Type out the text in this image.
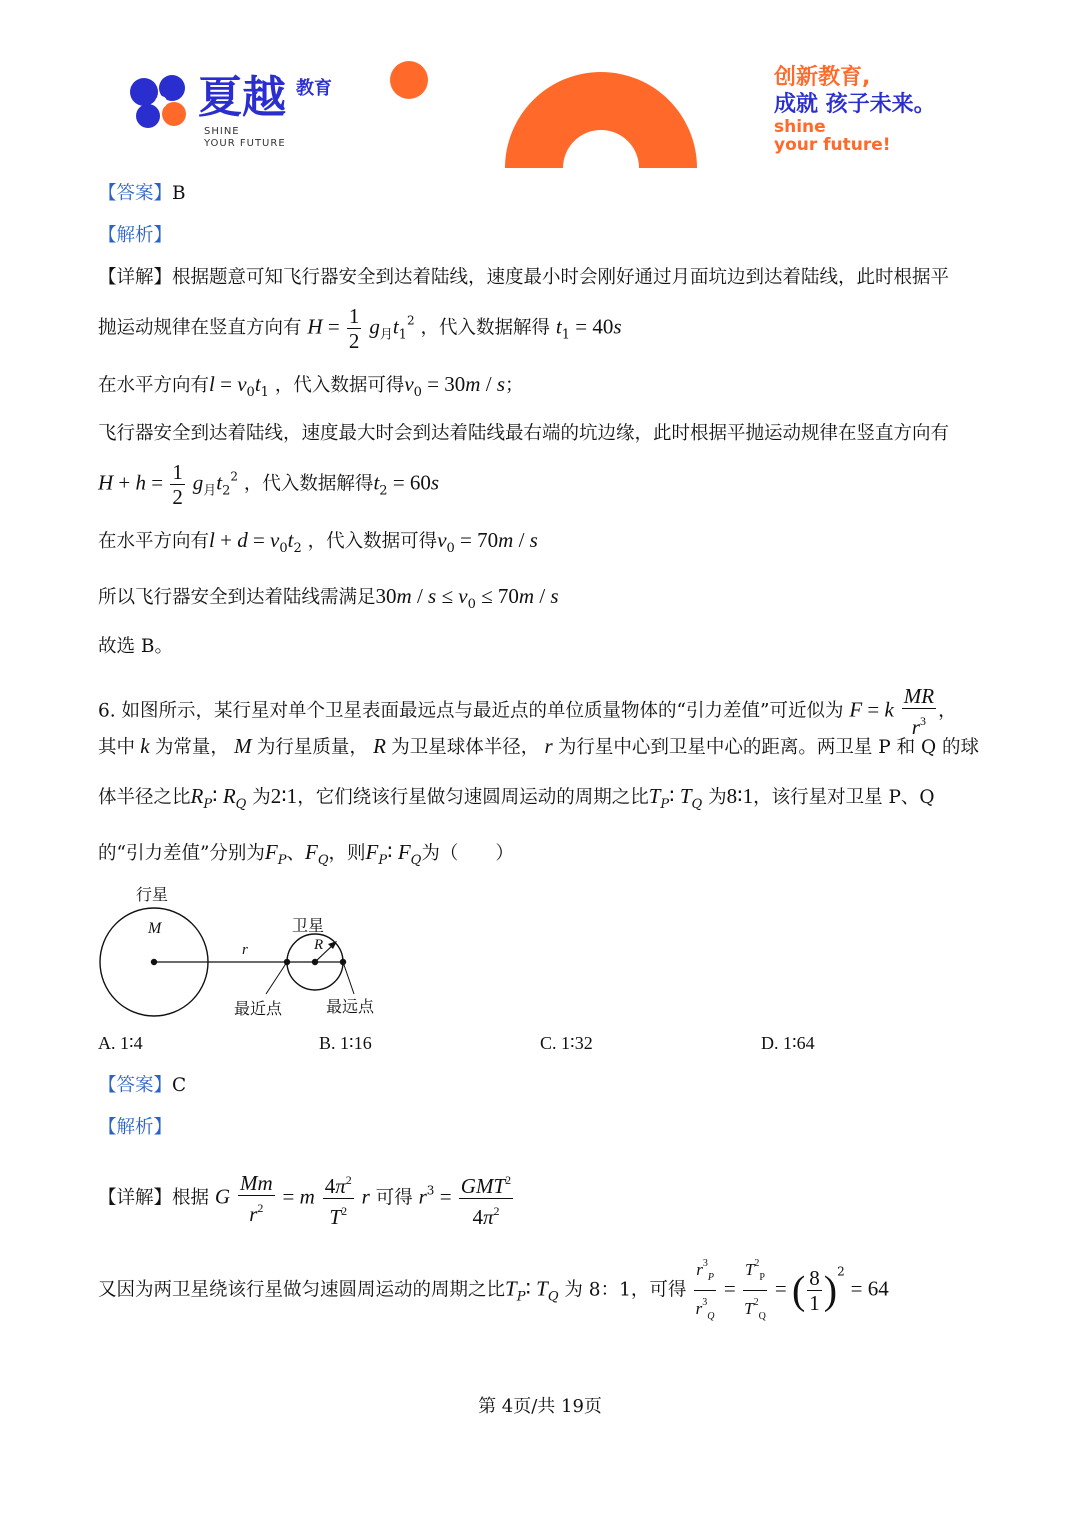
夏越 教育
SHINE
YOUR FUTURE
创新教育,
成就 孩子未来。
shine
your future!
【答案】B
【解析】
【详解】根据题意可知飞行器安全到达着陆线，速度最小时会刚好通过月面坑边到达着陆线，此时根据平
抛运动规律在竖直方向有 $H = \frac{1}{2} g_月t_1^2$ ，代入数据解得 $t_1 = 40s$
在水平方向有$l = v_0t_1$ ，代入数据可得$v_0 = 30m / s$；
飞行器安全到达着陆线，速度最大时会到达着陆线最右端的坑边缘，此时根据平抛运动规律在竖直方向有
$H + h = \frac{1}{2} g_月t_2^2$ ，代入数据解得$t_2 = 60s$
在水平方向有$l + d = v_0t_2$ ，代入数据可得$v_0 = 70m / s$
所以飞行器安全到达着陆线需满足$30m / s \le v_0 \le 70m / s$
故选 B。
6. 如图所示，某行星对单个卫星表面最远点与最近点的单位质量物体的“引力差值”可近似为 F = k $\frac{MR}{r^3}$ ，
其中 k 为常量， M 为行星质量， R 为卫星球体半径， r 为行星中心到卫星中心的距离。两卫星 P 和 Q 的球
体半径之比$R_P∶$ $R_Q$ 为2∶1，它们绕该行星做匀速圆周运动的周期之比$T_P∶$ $T_Q$ 为8∶1，该行星对卫星 P、Q
的“引力差值”分别为$F_P$、$F_Q$，则$F_P∶$ $F_Q$为（　　）
行星
M	卫星
R
r
最近点	最远点
A. 1∶4	B. 1∶16	C. 1∶32	D. 1∶64
【答案】C
【解析】
【详解】根据 G $\frac{Mm}{r^2} = m \frac{4\pi^2}{T^2}$ r 可得 $r^3 = \frac{GMT^2}{4\pi^2}$
又因为两卫星绕该行星做匀速圆周运动的周期之比$T_P∶$ $T_Q$ 为 8：1，可得 $\frac{r^3_P}{r^3_Q} = \frac{T^2_P}{T^2_Q}$ = ( $\frac{8}{1} )^2 = 64$
第 4页/共 19页
